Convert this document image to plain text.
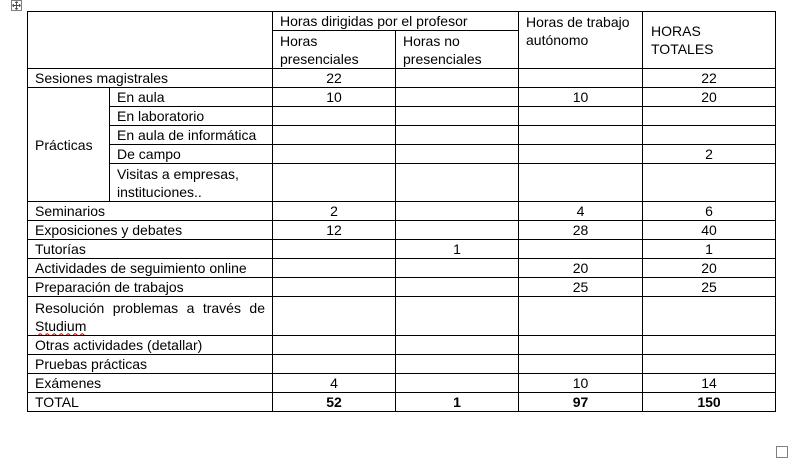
		Horas dirigidas por el profesor		Horas de trabajo autónomo	HORAS TOTALES
		Horas presenciales	Horas no presenciales		
Sesiones magistrales		22			22
Prácticas	En aula	10		10	20
	En laboratorio				
	En aula de informática				
	De campo				2
	Visitas a empresas, instituciones..				
Seminarios		2		4	6
Exposiciones y debates		12		28	40
Tutorías			1		1
Actividades de seguimiento online				20	20
Preparación de trabajos				25	25
Resolución problemas a través de Studium					
Otras actividades (detallar)					
Pruebas prácticas					
Exámenes		4		10	14
TOTAL		52	1	97	150
